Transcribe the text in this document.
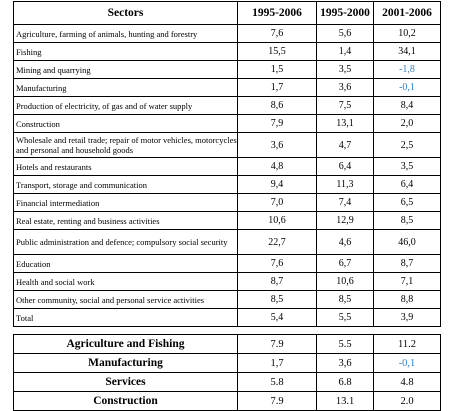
Sectors	1995-2006	1995-2000	2001-2006
Agriculture, farming of animals, hunting and forestry	7,6	5,6	10,2
Fishing	15,5	1,4	34,1
Mining and quarrying	1,5	3,5	-1,8
Manufacturing	1,7	3,6	-0,1
Production of electricity, of gas and of water supply	8,6	7,5	8,4
Construction	7,9	13,1	2,0
Wholesale and retail trade; repair of motor vehicles, motorcycles and personal and household goods	3,6	4,7	2,5
Hotels and restaurants	4,8	6,4	3,5
Transport, storage and communication	9,4	11,3	6,4
Financial intermediation	7,0	7,4	6,5
Real estate, renting and business activities	10,6	12,9	8,5
Public administration and defence; compulsory social security	22,7	4,6	46,0
Education	7,6	6,7	8,7
Health and social work	8,7	10,6	7,1
Other community, social and personal service activities	8,5	8,5	8,8
Total	5,4	5,5	3,9
Agriculture and Fishing	7.9	5.5	11.2
Manufacturing	1,7	3,6	-0,1
Services	5.8	6.8	4.8
Construction	7.9	13.1	2.0
